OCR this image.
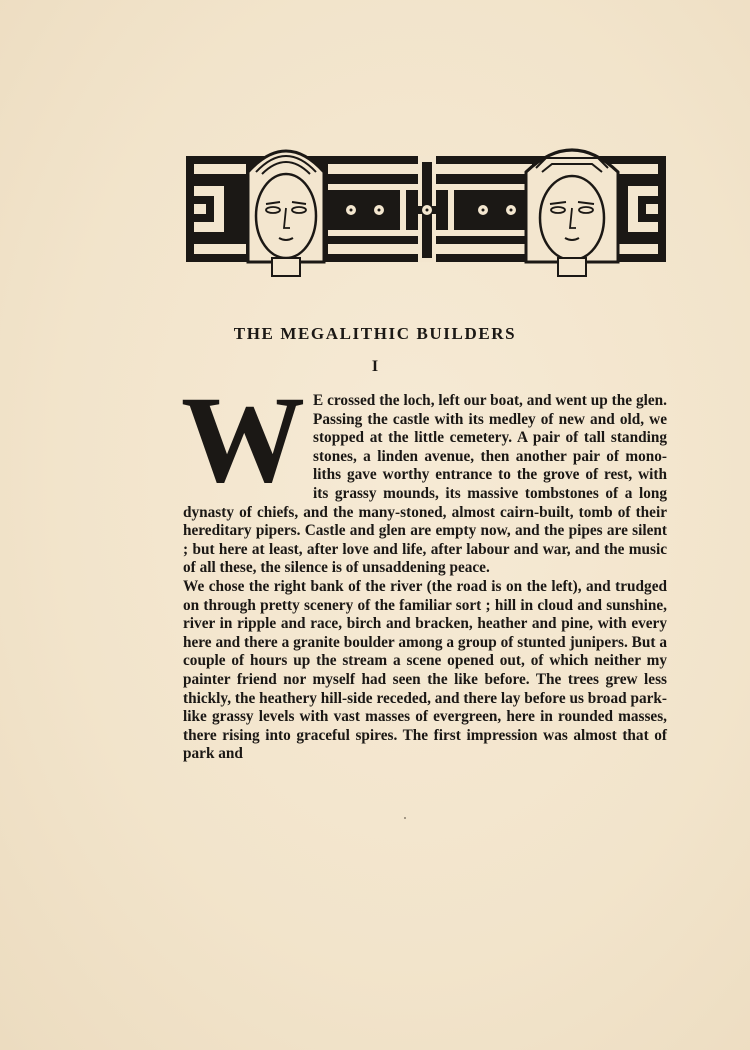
THE MEGALITHIC BUILDERS
I

W E crossed the loch, left our boat, and went up the glen. Passing the castle with its medley of new and old, we stopped at the little cemetery. A pair of tall standing stones, a linden avenue, then another pair of mono-liths gave worthy entrance to the grove of rest, with its grassy mounds, its massive tombstones of a long dynasty of chiefs, and the many-stoned, almost cairn-built, tomb of their hereditary pipers. Castle and glen are empty now, and the pipes are silent ; but here at least, after love and life, after labour and war, and the music of all these, the silence is of unsaddening peace.

We chose the right bank of the river (the road is on the left), and trudged on through pretty scenery of the familiar sort ; hill in cloud and sunshine, river in ripple and race, birch and bracken, heather and pine, with every here and there a granite boulder among a group of stunted junipers. But a couple of hours up the stream a scene opened out, of which neither my painter friend nor myself had seen the like before. The trees grew less thickly, the heathery hill-side receded, and there lay before us broad park-like grassy levels with vast masses of evergreen, here in rounded masses, there rising into graceful spires. The first impression was almost that of park and
